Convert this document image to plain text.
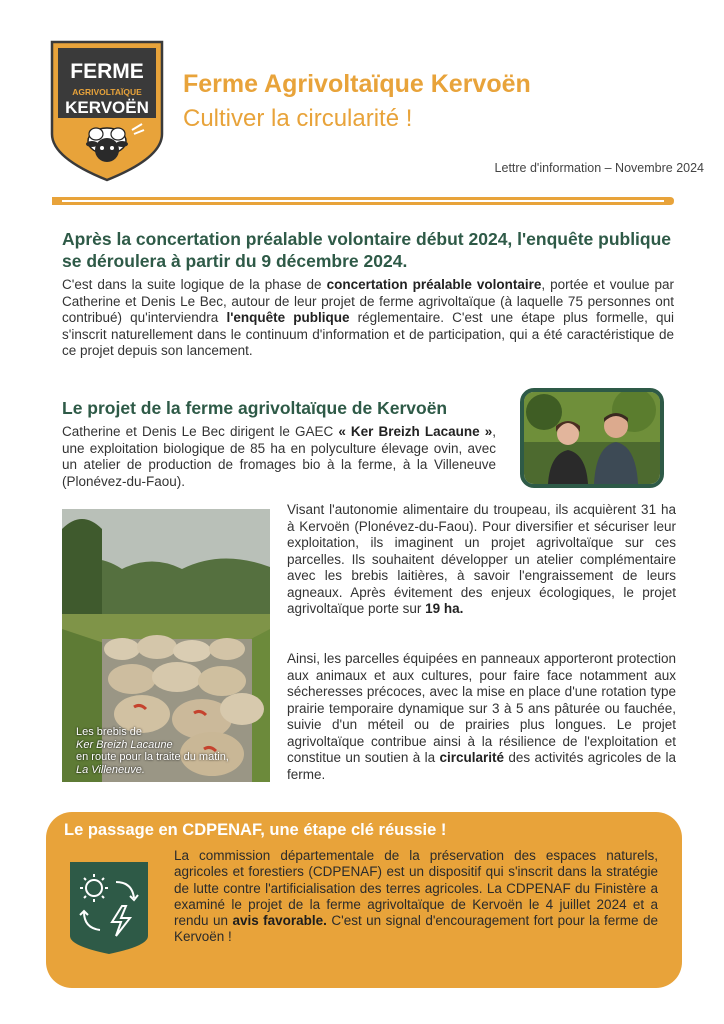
FERME
AGRIVOLTAÏQUE
KERVOËN
Ferme Agrivoltaïque Kervoën
Cultiver la circularité !
Lettre d'information – Novembre 2024
Après la concertation préalable volontaire début 2024, l'enquête publique se déroulera à partir du 9 décembre 2024.
C'est dans la suite logique de la phase de concertation préalable volontaire, portée et voulue par Catherine et Denis Le Bec, autour de leur projet de ferme agrivoltaïque (à laquelle 75 personnes ont contribué) qu'interviendra l'enquête publique réglementaire. C'est une étape plus formelle, qui s'inscrit naturellement dans le continuum d'information et de participation, qui a été caractéristique de ce projet depuis son lancement.
Le projet de la ferme agrivoltaïque de Kervoën
Catherine et Denis Le Bec dirigent le GAEC « Ker Breizh Lacaune », une exploitation biologique de 85 ha en polyculture élevage ovin, avec un atelier de production de fromages bio à la ferme, à la Villeneuve (Plonévez-du-Faou).
Les brebis de
Ker Breizh Lacaune
en route pour la traite du matin,
La Villeneuve.
Visant l'autonomie alimentaire du troupeau, ils acquièrent 31 ha à Kervoën (Plonévez-du-Faou). Pour diversifier et sécuriser leur exploitation, ils imaginent un projet agrivoltaïque sur ces parcelles. Ils souhaitent développer un atelier complémentaire avec les brebis laitières, à savoir l'engraissement de leurs agneaux. Après évitement des enjeux écologiques, le projet agrivoltaïque porte sur 19 ha.
Ainsi, les parcelles équipées en panneaux apporteront protection aux animaux et aux cultures, pour faire face notamment aux sécheresses précoces, avec la mise en place d'une rotation type prairie temporaire dynamique sur 3 à 5 ans pâturée ou fauchée, suivie d'un méteil ou de prairies plus longues. Le projet agrivoltaïque contribue ainsi à la résilience de l'exploitation et constitue un soutien à la circularité des activités agricoles de la ferme.
Le passage en CDPENAF, une étape clé réussie !
La commission départementale de la préservation des espaces naturels, agricoles et forestiers (CDPENAF) est un dispositif qui s'inscrit dans la stratégie de lutte contre l'artificialisation des terres agricoles. La CDPENAF du Finistère a examiné le projet de la ferme agrivoltaïque de Kervoën le 4 juillet 2024 et a rendu un avis favorable. C'est un signal d'encouragement fort pour la ferme de Kervoën !
